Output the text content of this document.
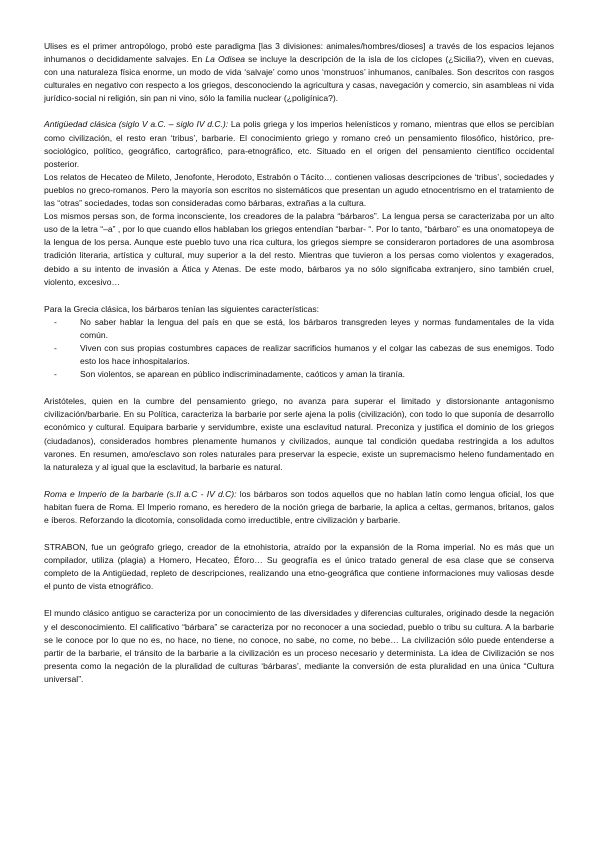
Ulises es el primer antropólogo, probó este paradigma [las 3 divisiones: animales/hombres/dioses] a través de los espacios lejanos inhumanos o decididamente salvajes. En La Odisea se incluye la descripción de la isla de los cíclopes (¿Sicilia?), viven en cuevas, con una naturaleza física enorme, un modo de vida ‘salvaje’ como unos ‘monstruos’ inhumanos, caníbales. Son descritos con rasgos culturales en negativo con respecto a los griegos, desconociendo la agricultura y casas, navegación y comercio, sin asambleas ni vida jurídico-social ni religión, sin pan ni vino, sólo la familia nuclear (¿poligínica?).

Antigüedad clásica (siglo V a.C. – siglo IV d.C.): La polis griega y los imperios helenísticos y romano, mientras que ellos se percibían como civilización, el resto eran ‘tribus’, barbarie. El conocimiento griego y romano creó un pensamiento filosófico, histórico, pre-sociológico, político, geográfico, cartográfico, para-etnográfico, etc. Situado en el origen del pensamiento científico occidental posterior.

Los relatos de Hecateo de Mileto, Jenofonte, Herodoto, Estrabón o Tácito… contienen valiosas descripciones de ‘tribus’, sociedades y pueblos no greco-romanos. Pero la mayoría son escritos no sistemáticos que presentan un agudo etnocentrismo en el tratamiento de las “otras” sociedades, todas son consideradas como bárbaras, extrañas a la cultura.

Los mismos persas son, de forma inconsciente, los creadores de la palabra “bárbaros”. La lengua persa se caracterizaba por un alto uso de la letra “–a” , por lo que cuando ellos hablaban los griegos entendían “barbar- “. Por lo tanto, “bárbaro” es una onomatopeya de la lengua de los persa. Aunque este pueblo tuvo una rica cultura, los griegos siempre se consideraron portadores de una asombrosa tradición literaria, artística y cultural, muy superior a la del resto. Mientras que tuvieron a los persas como violentos y exagerados, debido a su intento de invasión a Ática y Atenas. De este modo, bárbaros ya no sólo significaba extranjero, sino también cruel, violento, excesivo…

Para la Grecia clásica, los bárbaros tenían las siguientes características:

-	No saber hablar la lengua del país en que se está, los bárbaros transgreden leyes y normas fundamentales de la vida común.
-	Viven con sus propias costumbres capaces de realizar sacrificios humanos y el colgar las cabezas de sus enemigos. Todo esto los hace inhospitalarios.
-	Son violentos, se aparean en público indiscriminadamente, caóticos y aman la tiranía.

Aristóteles, quien en la cumbre del pensamiento griego, no avanza para superar el limitado y distorsionante antagonismo civilización/barbarie. En su Política, caracteriza la barbarie por serle ajena la polis (civilización), con todo lo que suponía de desarrollo económico y cultural. Equipara barbarie y servidumbre, existe una esclavitud natural. Preconiza y justifica el dominio de los griegos (ciudadanos), considerados hombres plenamente humanos y civilizados, aunque tal condición quedaba restringida a los adultos varones. En resumen, amo/esclavo son roles naturales para preservar la especie, existe un supremacismo heleno fundamentado en la naturaleza y al igual que la esclavitud, la barbarie es natural.

Roma e Imperio de la barbarie (s.II a.C - IV d.C): los bárbaros son todos aquellos que no hablan latín como lengua oficial, los que habitan fuera de Roma. El Imperio romano, es heredero de la noción griega de barbarie, la aplica a celtas, germanos, britanos, galos e íberos. Reforzando la dicotomía, consolidada como irreductible, entre civilización y barbarie.

STRABON, fue un geógrafo griego, creador de la etnohistoria, atraído por la expansión de la Roma imperial. No es más que un compilador, utiliza (plagia) a Homero, Hecateo, Éforo… Su geografía es el único tratado general de esa clase que se conserva completo de la Antigüedad, repleto de descripciones, realizando una etno-geográfica que contiene informaciones muy valiosas desde el punto de vista etnográfico.

El mundo clásico antiguo se caracteriza por un conocimiento de las diversidades y diferencias culturales, originado desde la negación y el desconocimiento. El calificativo “bárbara” se caracteriza por no reconocer a una sociedad, pueblo o tribu su cultura. A la barbarie se le conoce por lo que no es, no hace, no tiene, no conoce, no sabe, no come, no bebe… La civilización sólo puede entenderse a partir de la barbarie, el tránsito de la barbarie a la civilización es un proceso necesario y determinista. La idea de Civilización se nos presenta como la negación de la pluralidad de culturas ‘bárbaras’, mediante la conversión de esta pluralidad en una única “Cultura universal”.
